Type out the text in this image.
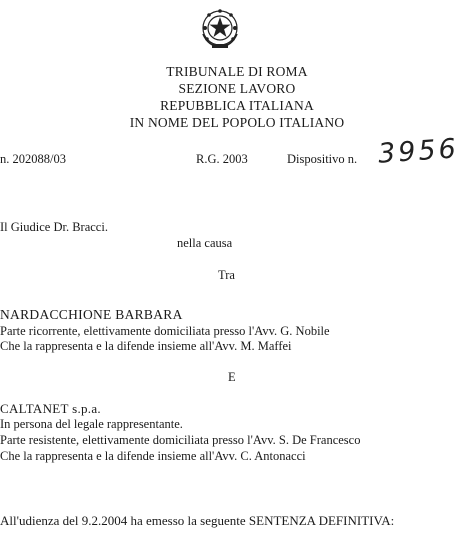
TRIBUNALE DI ROMA
SEZIONE LAVORO
REPUBBLICA ITALIANA
IN NOME DEL POPOLO ITALIANO
n. 202088/03	R.G. 2003	Dispositivo n. 3956
Il Giudice Dr. Bracci.
nella causa
Tra
NARDACCHIONE BARBARA
Parte ricorrente, elettivamente domiciliata presso l'Avv. G. Nobile
Che la rappresenta e la difende insieme all'Avv. M. Maffei
E
CALTANET s.p.a.
In persona del legale rappresentante.
Parte resistente, elettivamente domiciliata presso l'Avv. S. De Francesco
Che la rappresenta e la difende insieme all'Avv. C. Antonacci
All'udienza del 9.2.2004 ha emesso la seguente SENTENZA DEFINITIVA:
